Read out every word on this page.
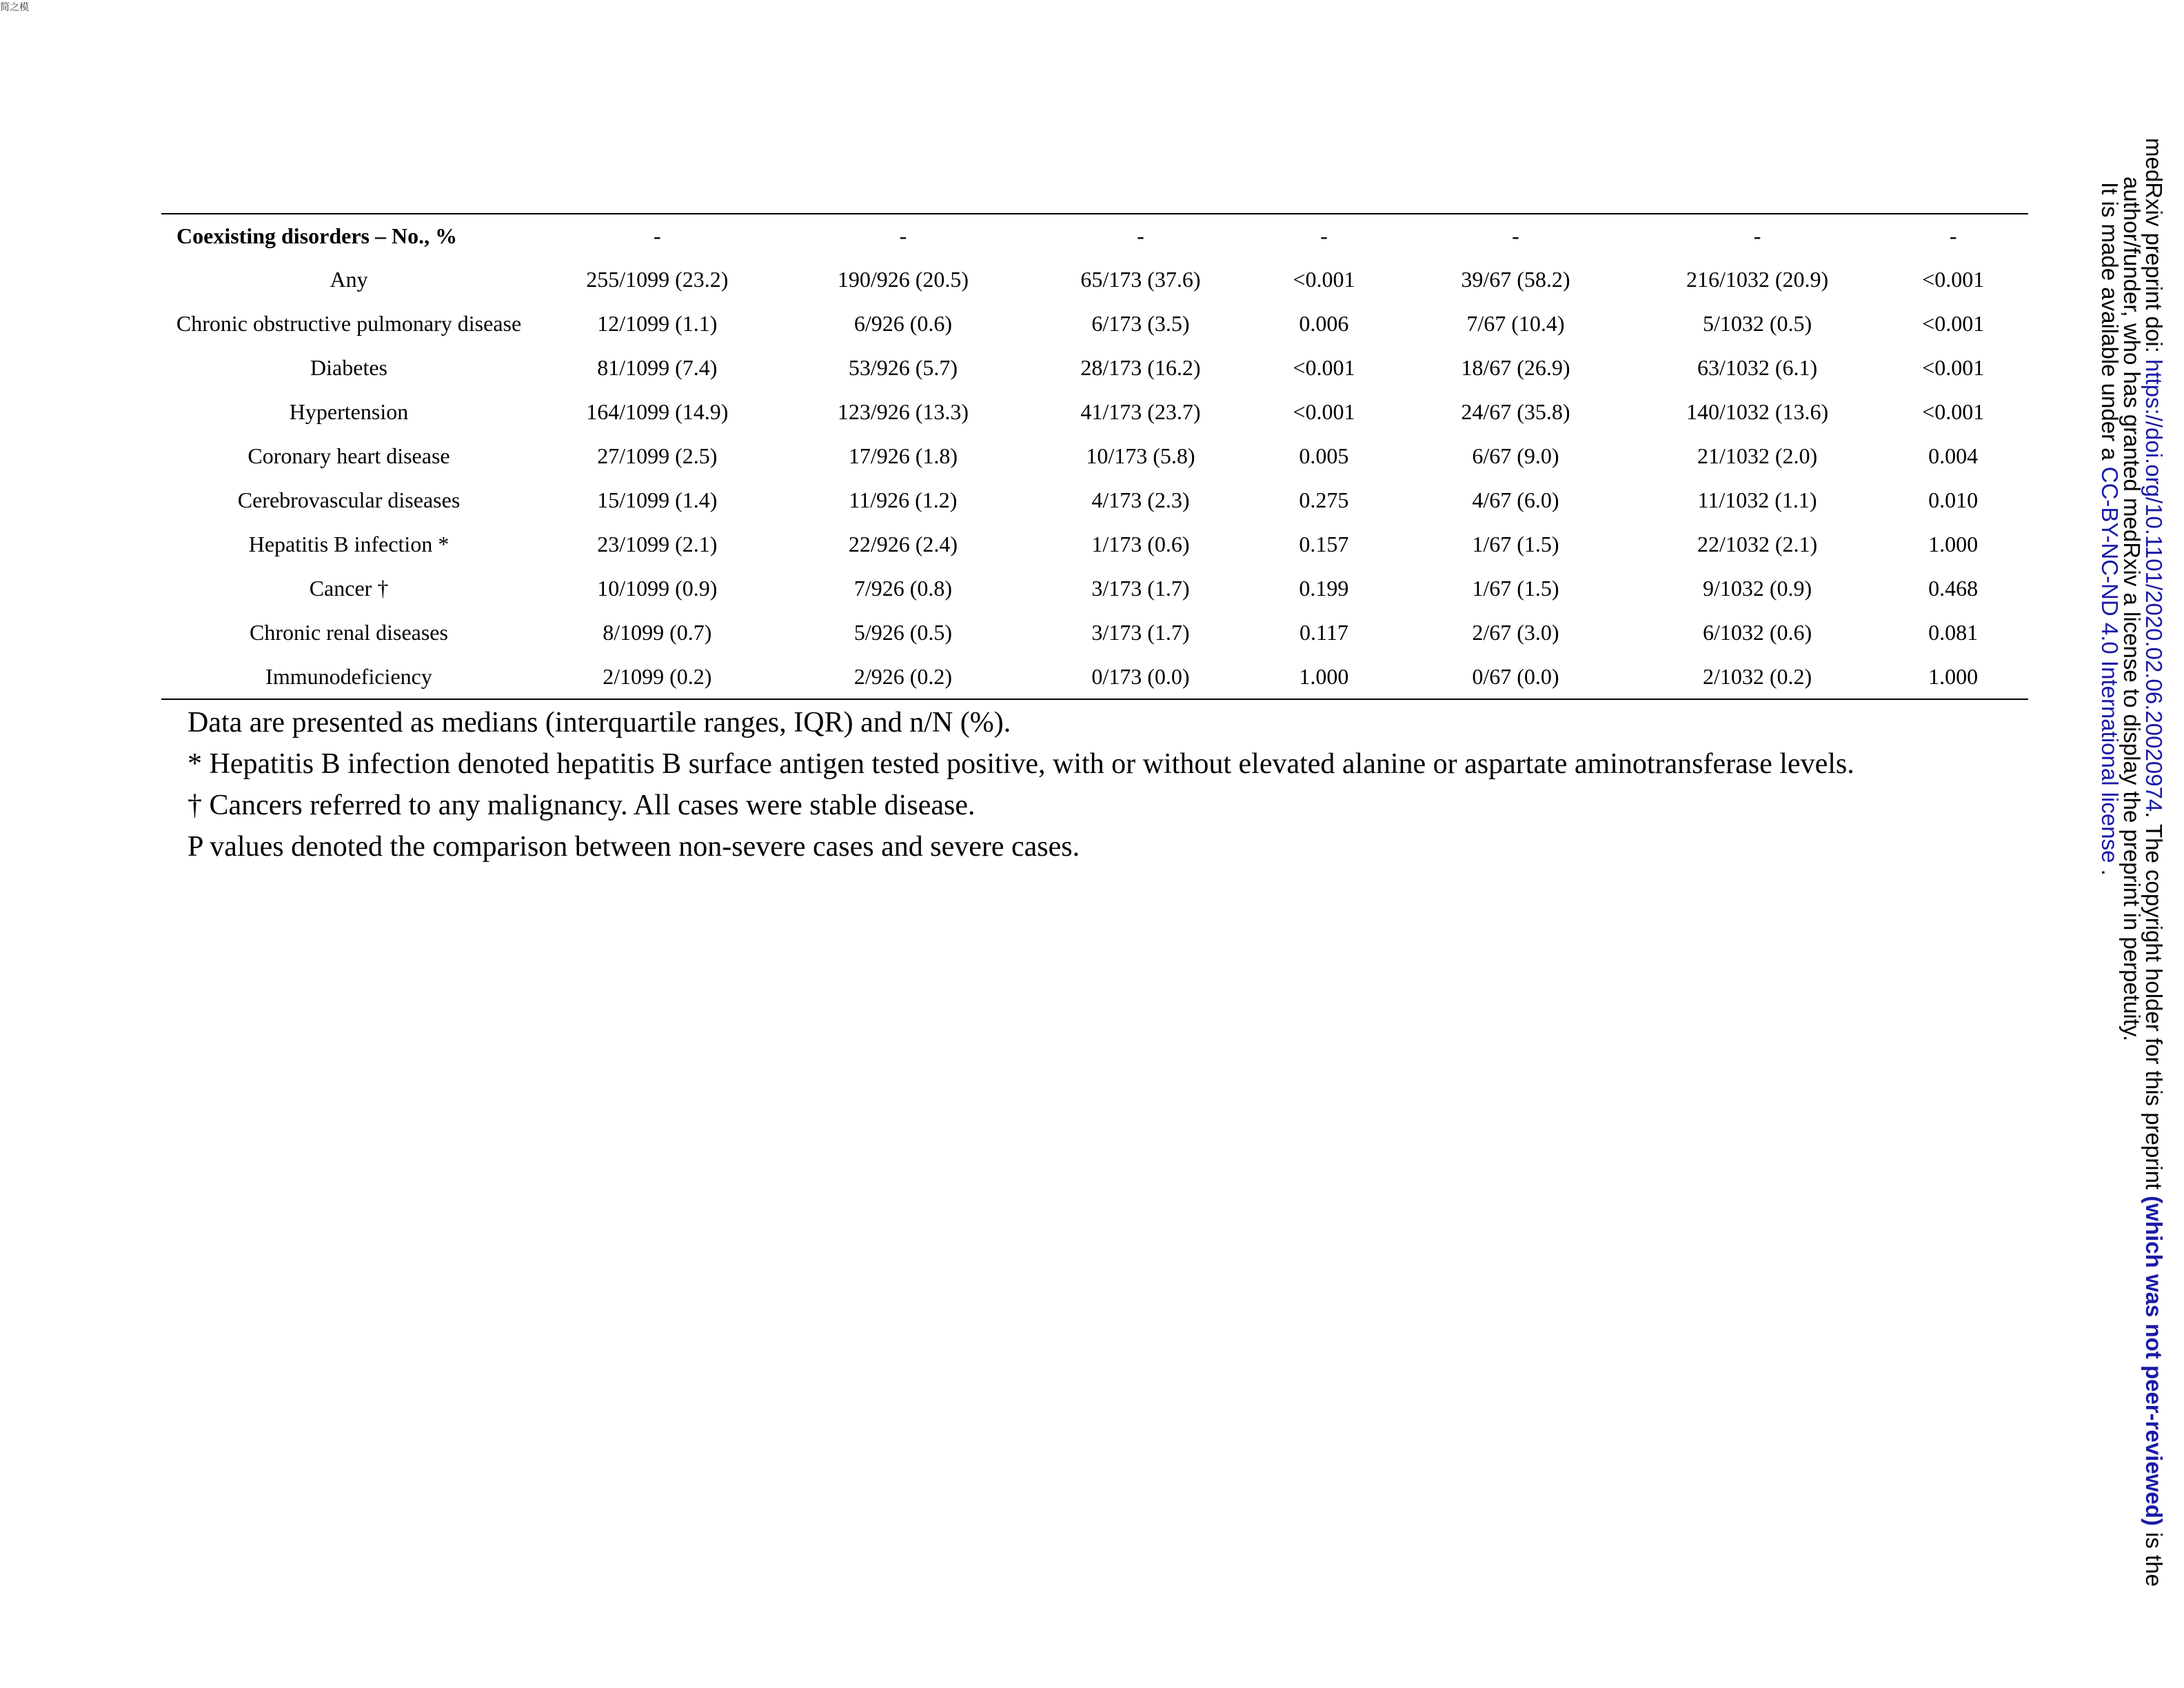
简之模
Coexisting disorders – No., %	-	-	-	-	-	-	-
Any	255/1099 (23.2)	190/926 (20.5)	65/173 (37.6)	<0.001	39/67 (58.2)	216/1032 (20.9)	<0.001
Chronic obstructive pulmonary disease	12/1099 (1.1)	6/926 (0.6)	6/173 (3.5)	0.006	7/67 (10.4)	5/1032 (0.5)	<0.001
Diabetes	81/1099 (7.4)	53/926 (5.7)	28/173 (16.2)	<0.001	18/67 (26.9)	63/1032 (6.1)	<0.001
Hypertension	164/1099 (14.9)	123/926 (13.3)	41/173 (23.7)	<0.001	24/67 (35.8)	140/1032 (13.6)	<0.001
Coronary heart disease	27/1099 (2.5)	17/926 (1.8)	10/173 (5.8)	0.005	6/67 (9.0)	21/1032 (2.0)	0.004
Cerebrovascular diseases	15/1099 (1.4)	11/926 (1.2)	4/173 (2.3)	0.275	4/67 (6.0)	11/1032 (1.1)	0.010
Hepatitis B infection *	23/1099 (2.1)	22/926 (2.4)	1/173 (0.6)	0.157	1/67 (1.5)	22/1032 (2.1)	1.000
Cancer †	10/1099 (0.9)	7/926 (0.8)	3/173 (1.7)	0.199	1/67 (1.5)	9/1032 (0.9)	0.468
Chronic renal diseases	8/1099 (0.7)	5/926 (0.5)	3/173 (1.7)	0.117	2/67 (3.0)	6/1032 (0.6)	0.081
Immunodeficiency	2/1099 (0.2)	2/926 (0.2)	0/173 (0.0)	1.000	0/67 (0.0)	2/1032 (0.2)	1.000

Data are presented as medians (interquartile ranges, IQR) and n/N (%).

* Hepatitis B infection denoted hepatitis B surface antigen tested positive, with or without elevated alanine or aspartate aminotransferase levels.

† Cancers referred to any malignancy. All cases were stable disease.

P values denoted the comparison between non-severe cases and severe cases.

medRxiv preprint doi: https://doi.org/10.1101/2020.02.06.20020974. The copyright holder for this preprint (which was not peer-reviewed) is the
author/funder, who has granted medRxiv a license to display the preprint in perpetuity.
It is made available under a CC-BY-NC-ND 4.0 International license .
